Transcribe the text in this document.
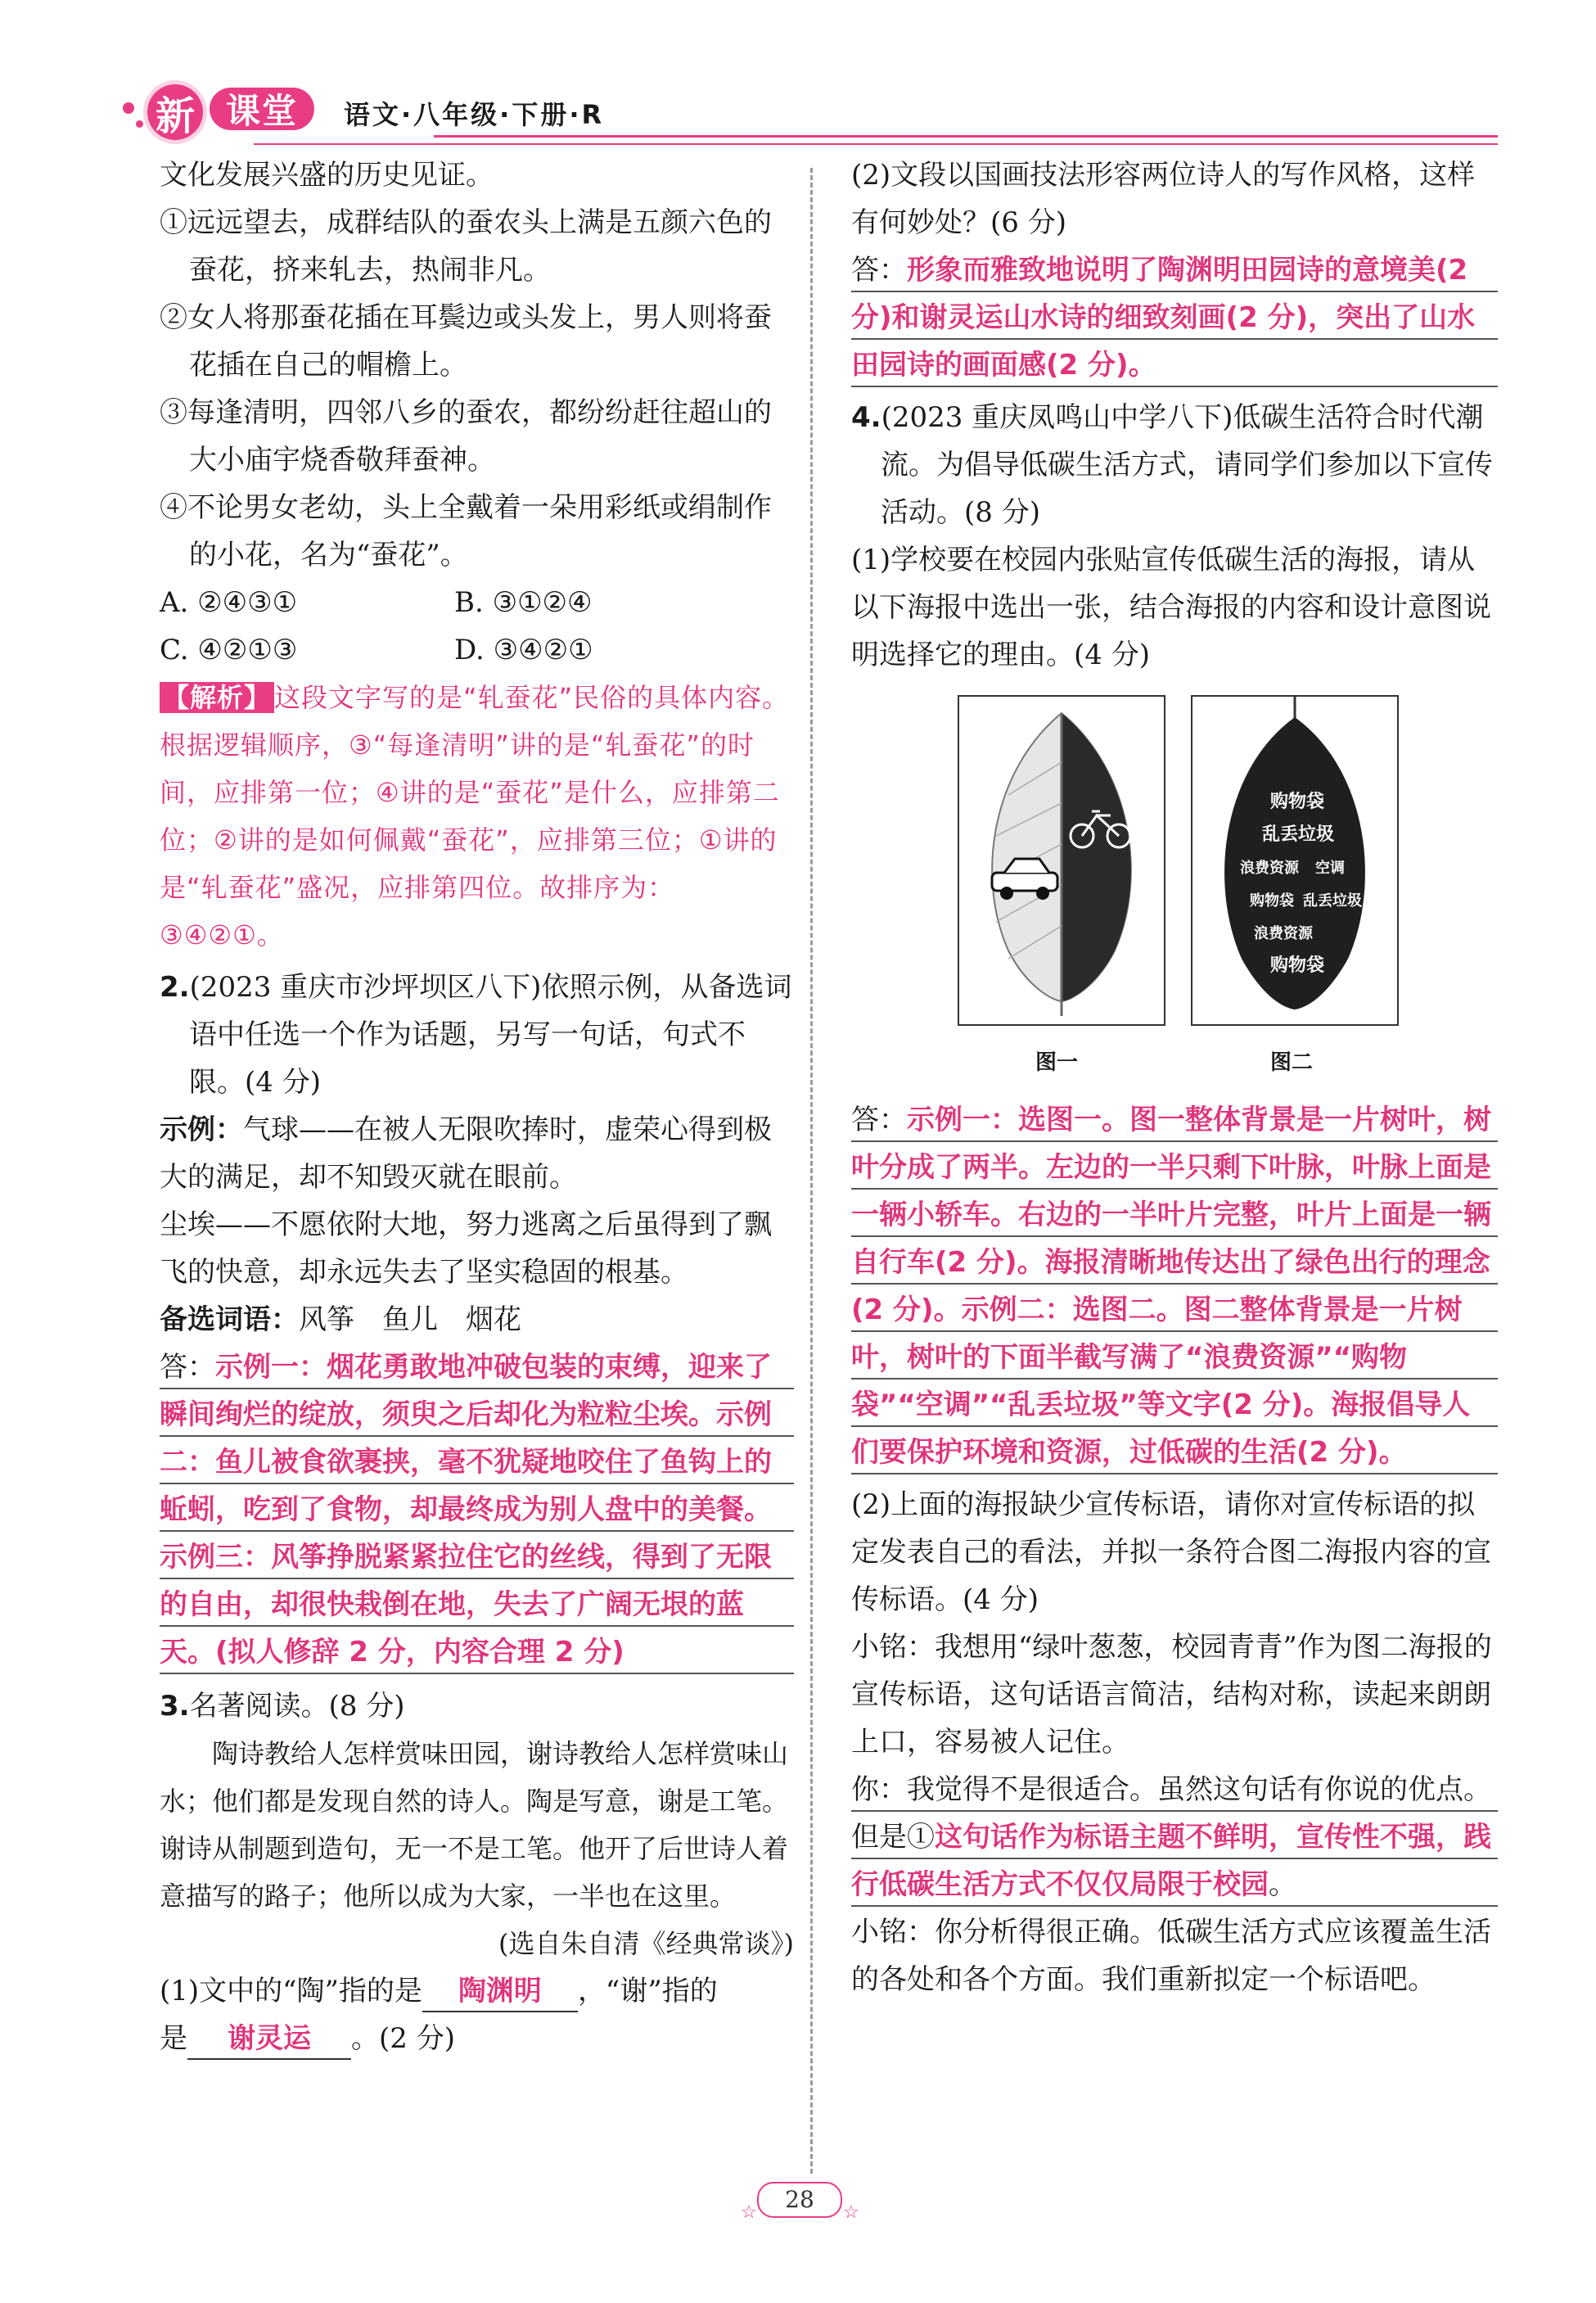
新 课堂	语文·八年级·下册·R

文化发展兴盛的历史见证。

①远远望去，成群结队的蚕农头上满是五颜六色的蚕花，挤来轧去，热闹非凡。

②女人将那蚕花插在耳鬓边或头发上，男人则将蚕花插在自己的帽檐上。

③每逢清明，四邻八乡的蚕农，都纷纷赶往超山的大小庙宇烧香敬拜蚕神。

④不论男女老幼，头上全戴着一朵用彩纸或绢制作的小花，名为“蚕花”。

A. ②④③①	B. ③①②④
C. ④②①③	D. ③④②①

【解析】 这段文字写的是“轧蚕花”民俗的具体内容。根据逻辑顺序，③“每逢清明”讲的是“轧蚕花”的时间，应排第一位；④讲的是“蚕花”是什么，应排第二位；②讲的是如何佩戴“蚕花”，应排第三位；①讲的是“轧蚕花”盛况，应排第四位。故排序为：③④②①。

2.(2023 重庆市沙坪坝区八下)依照示例，从备选词语中任选一个作为话题，另写一句话，句式不限。(4 分)

示例：气球——在被人无限吹捧时，虚荣心得到极大的满足，却不知毁灭就在眼前。

尘埃——不愿依附大地，努力逃离之后虽得到了飘飞的快意，却永远失去了坚实稳固的根基。

备选词语：风筝　鱼儿　烟花

答：示例一：烟花勇敢地冲破包装的束缚，迎来了瞬间绚烂的绽放，须臾之后却化为粒粒尘埃。示例二：鱼儿被食欲裹挟，毫不犹疑地咬住了鱼钩上的蚯蚓，吃到了食物，却最终成为别人盘中的美餐。示例三：风筝挣脱紧紧拉住它的丝线，得到了无限的自由，却很快栽倒在地，失去了广阔无垠的蓝天。(拟人修辞 2 分，内容合理 2 分)

3.名著阅读。(8 分)

陶诗教给人怎样赏味田园，谢诗教给人怎样赏味山水；他们都是发现自然的诗人。陶是写意，谢是工笔。谢诗从制题到造句，无一不是工笔。他开了后世诗人着意描写的路子；他所以成为大家，一半也在这里。

(选自朱自清《经典常谈》)

(1)文中的“陶”指的是 陶渊明 ，“谢”指的
是 谢灵运 。(2 分)

(2)文段以国画技法形容两位诗人的写作风格，这样有何妙处？(6 分)

答：形象而雅致地说明了陶渊明田园诗的意境美(2 分)和谢灵运山水诗的细致刻画(2 分)，突出了山水田园诗的画面感(2 分)。

4.(2023 重庆凤鸣山中学八下)低碳生活符合时代潮流。为倡导低碳生活方式，请同学们参加以下宣传活动。(8 分)

(1)学校要在校园内张贴宣传低碳生活的海报，请从以下海报中选出一张，结合海报的内容和设计意图说明选择它的理由。(4 分)

购物袋
乱丢垃圾
浪费资源 空调
购物袋 乱丢垃圾
浪费资源
购物袋
图一	图二

答：示例一：选图一。图一整体背景是一片树叶，树叶分成了两半。左边的一半只剩下叶脉，叶脉上面是一辆小轿车。右边的一半叶片完整，叶片上面是一辆自行车(2 分)。海报清晰地传达出了绿色出行的理念(2 分)。示例二：选图二。图二整体背景是一片树叶，树叶的下面半截写满了“浪费资源”“购物袋”“空调”“乱丢垃圾”等文字(2 分)。海报倡导人们要保护环境和资源，过低碳的生活(2 分)。

(2)上面的海报缺少宣传标语，请你对宣传标语的拟定发表自己的看法，并拟一条符合图二海报内容的宣传标语。(4 分)

小铭：我想用“绿叶葱葱，校园青青”作为图二海报的宣传标语，这句话语言简洁，结构对称，读起来朗朗上口，容易被人记住。

你：我觉得不是很适合。虽然这句话有你说的优点。但是①这句话作为标语主题不鲜明，宣传性不强，践行低碳生活方式不仅仅局限于校园。

小铭：你分析得很正确。低碳生活方式应该覆盖生活的各处和各个方面。我们重新拟定一个标语吧。

28
☆	☆
